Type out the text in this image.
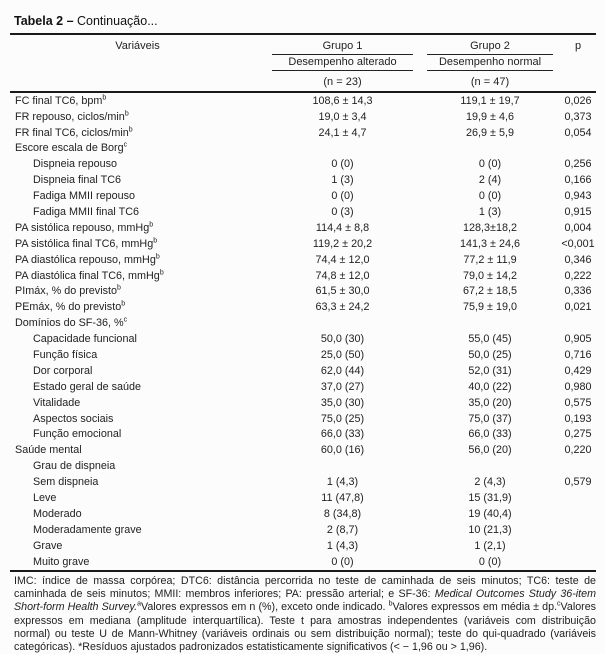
Tabela 2 – Continuação...
Variáveis	Grupo 1	Grupo 2	p

	Desempenho alterado	Desempenho normal	

	(n = 23)	(n = 47)	
FC final TC6, bpm$^b$	108,6 ± 14,3	119,1 ± 19,7	0,026
FR repouso, ciclos/$\min^b$	19,0 ± 3,4	19,9 ± 4,6	0,373
FR final TC6, ciclos/$\min^b$	24,1 ± 4,7	26,9 ± 5,9	0,054
Escore escala de Borg$^c$			
Dispneia repouso	0 (0)	0 (0)	0,256
Dispneia final TC6	1 (3)	2 (4)	0,166
Fadiga MMII repouso	0 (0)	0 (0)	0,943
Fadiga MMII final TC6	0 (3)	1 (3)	0,915
PA sistólica repouso, mmHg$^b$	114,4 ± 8,8	128,3±18,2	0,004
PA sistólica final TC6, mmHg$^b$	119,2 ± 20,2	141,3 ± 24,6	<0,001
PA diastólica repouso, mmHg$^b$	74,4 ± 12,0	77,2 ± 11,9	0,346
PA diastólica final TC6, mmHg$^b$	74,8 ± 12,0	79,0 ± 14,2	0,222
PImáx, % do previsto$^b$	61,5 ± 30,0	67,2 ± 18,5	0,336
PEmáx, % do previsto$^b$	63,3 ± 24,2	75,9 ± 19,0	0,021
Domínios do SF-36, %$^c$			
Capacidade funcional	50,0 (30)	55,0 (45)	0,905
Função física	25,0 (50)	50,0 (25)	0,716
Dor corporal	62,0 (44)	52,0 (31)	0,429
Estado geral de saúde	37,0 (27)	40,0 (22)	0,980
Vitalidade	35,0 (30)	35,0 (20)	0,575
Aspectos sociais	75,0 (25)	75,0 (37)	0,193
Função emocional	66,0 (33)	66,0 (33)	0,275
Saúde mental	60,0 (16)	56,0 (20)	0,220
Grau de dispneia			
Sem dispneia	1 (4,3)	2 (4,3)	0,579
Leve	11 (47,8)	15 (31,9)	
Moderado	8 (34,8)	19 (40,4)	
Moderadamente grave	2 (8,7)	10 (21,3)	
Grave	1 (4,3)	1 (2,1)	
Muito grave	0 (0)	0 (0)	
IMC: índice de massa corpórea; DTC6: distância percorrida no teste de caminhada de seis minutos; TC6: teste de caminhada de seis minutos; MMII: membros inferiores; PA: pressão arterial; e SF-36: Medical Outcomes Study 36-item Short-form Health Survey.$^a$Valores expressos em n (%), exceto onde indicado. $^b$Valores expressos em média ± dp.$^c$Valores expressos em mediana (amplitude interquartílica). Teste t para amostras independentes (variáveis com distribuição normal) ou teste U de Mann-Whitney (variáveis ordinais ou sem distribuição normal); teste do qui-quadrado (variáveis categóricas). *Resíduos ajustados padronizados estatisticamente significativos (< − 1,96 ou > 1,96).
